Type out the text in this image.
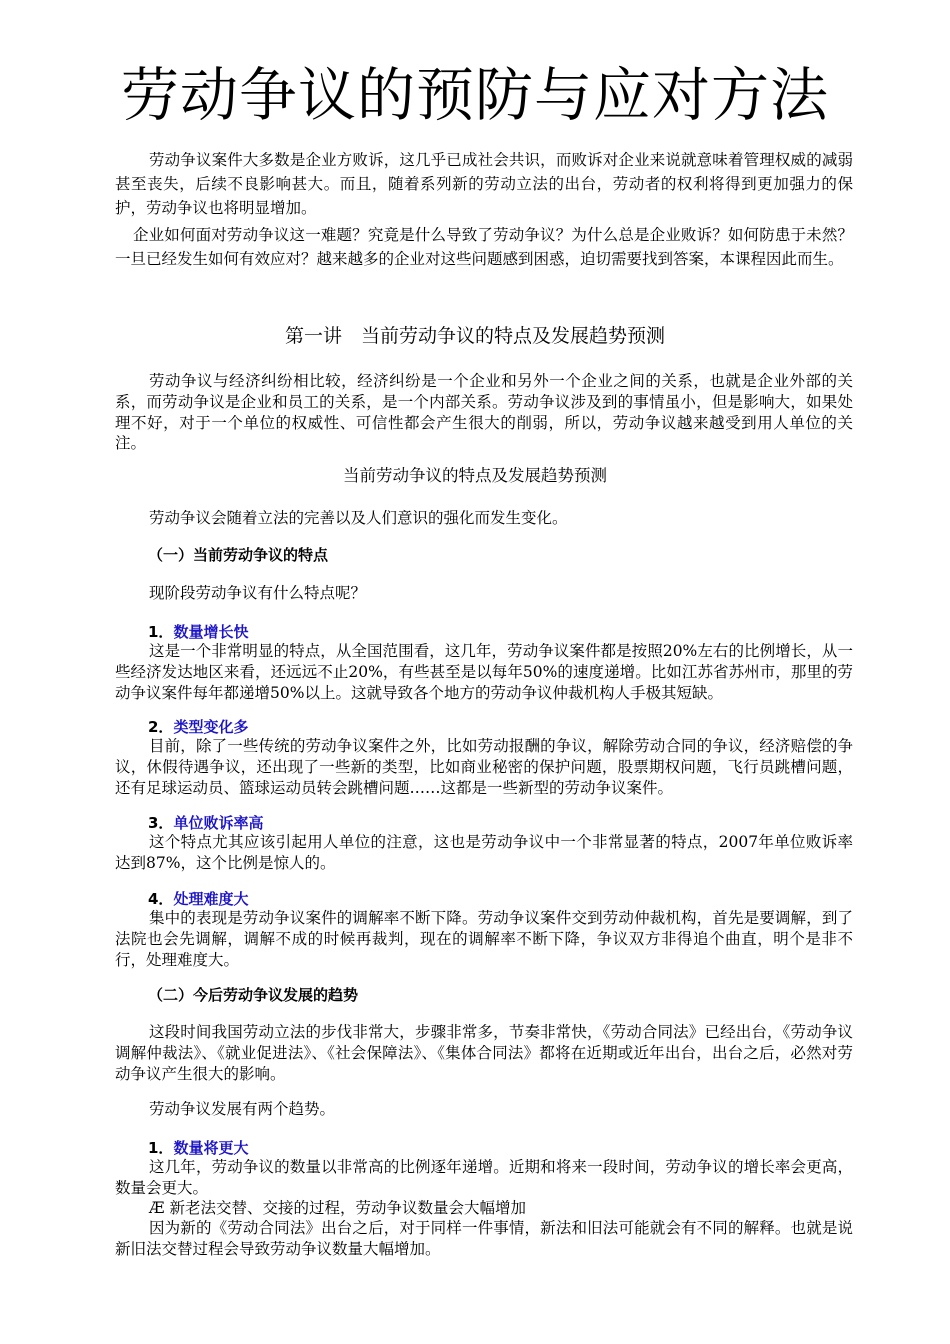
劳动争议的预防与应对方法

劳动争议案件大多数是企业方败诉，这几乎已成社会共识，而败诉对企业来说就意味着管理权威的减弱甚至丧失，后续不良影响甚大。而且，随着系列新的劳动立法的出台，劳动者的权利将得到更加强力的保护，劳动争议也将明显增加。

企业如何面对劳动争议这一难题？究竟是什么导致了劳动争议？为什么总是企业败诉？如何防患于未然？一旦已经发生如何有效应对？越来越多的企业对这些问题感到困惑，迫切需要找到答案，本课程因此而生。

第一讲　当前劳动争议的特点及发展趋势预测

劳动争议与经济纠纷相比较，经济纠纷是一个企业和另外一个企业之间的关系，也就是企业外部的关系，而劳动争议是企业和员工的关系，是一个内部关系。劳动争议涉及到的事情虽小，但是影响大，如果处理不好，对于一个单位的权威性、可信性都会产生很大的削弱，所以，劳动争议越来越受到用人单位的关注。

当前劳动争议的特点及发展趋势预测

劳动争议会随着立法的完善以及人们意识的强化而发生变化。

（一）当前劳动争议的特点

现阶段劳动争议有什么特点呢？

1．数量增长快

这是一个非常明显的特点，从全国范围看，这几年，劳动争议案件都是按照20%左右的比例增长，从一些经济发达地区来看，还远远不止20%，有些甚至是以每年50%的速度递增。比如江苏省苏州市，那里的劳动争议案件每年都递增50%以上。这就导致各个地方的劳动争议仲裁机构人手极其短缺。

2．类型变化多

目前，除了一些传统的劳动争议案件之外，比如劳动报酬的争议，解除劳动合同的争议，经济赔偿的争议，休假待遇争议，还出现了一些新的类型，比如商业秘密的保护问题，股票期权问题，飞行员跳槽问题，还有足球运动员、篮球运动员转会跳槽问题……这都是一些新型的劳动争议案件。

3．单位败诉率高

这个特点尤其应该引起用人单位的注意，这也是劳动争议中一个非常显著的特点，2007年单位败诉率达到87%，这个比例是惊人的。

4．处理难度大

集中的表现是劳动争议案件的调解率不断下降。劳动争议案件交到劳动仲裁机构，首先是要调解，到了法院也会先调解，调解不成的时候再裁判，现在的调解率不断下降，争议双方非得追个曲直，明个是非不行，处理难度大。

（二）今后劳动争议发展的趋势

这段时间我国劳动立法的步伐非常大，步骤非常多，节奏非常快，《劳动合同法》已经出台，《劳动争议调解仲裁法》、《就业促进法》、《社会保障法》、《集体合同法》都将在近期或近年出台，出台之后，必然对劳动争议产生很大的影响。

劳动争议发展有两个趋势。

1．数量将更大

这几年，劳动争议的数量以非常高的比例逐年递增。近期和将来一段时间，劳动争议的增长率会更高，数量会更大。

Æ 新老法交替、交接的过程，劳动争议数量会大幅增加

因为新的《劳动合同法》出台之后，对于同样一件事情，新法和旧法可能就会有不同的解释。也就是说新旧法交替过程会导致劳动争议数量大幅增加。
